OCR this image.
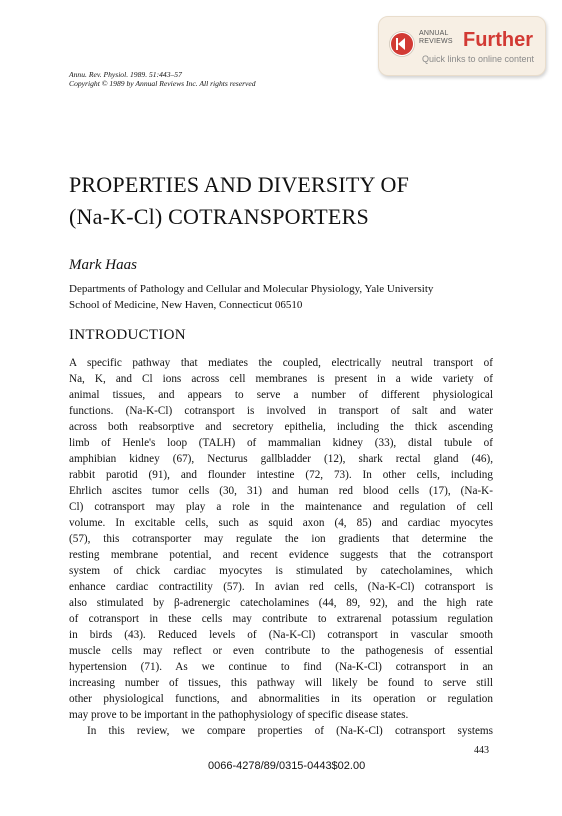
ANNUAL
REVIEWS Further
Quick links to online content
Annu. Rev. Physiol. 1989. 51:443–57
Copyright © 1989 by Annual Reviews Inc. All rights reserved
PROPERTIES AND DIVERSITY OF
(Na-K-Cl) COTRANSPORTERS
Mark Haas
Departments of Pathology and Cellular and Molecular Physiology, Yale University
School of Medicine, New Haven, Connecticut 06510
INTRODUCTION
A specific pathway that mediates the coupled, electrically neutral transport of
Na, K, and Cl ions across cell membranes is present in a wide variety of
animal tissues, and appears to serve a number of different physiological
functions. (Na-K-Cl) cotransport is involved in transport of salt and water
across both reabsorptive and secretory epithelia, including the thick ascending
limb of Henle's loop (TALH) of mammalian kidney (33), distal tubule of
amphibian kidney (67), Necturus gallbladder (12), shark rectal gland (46),
rabbit parotid (91), and flounder intestine (72, 73). In other cells, including
Ehrlich ascites tumor cells (30, 31) and human red blood cells (17), (Na-K-
Cl) cotransport may play a role in the maintenance and regulation of cell
volume. In excitable cells, such as squid axon (4, 85) and cardiac myocytes
(57), this cotransporter may regulate the ion gradients that determine the
resting membrane potential, and recent evidence suggests that the cotransport
system of chick cardiac myocytes is stimulated by catecholamines, which
enhance cardiac contractility (57). In avian red cells, (Na-K-Cl) cotransport is
also stimulated by β-adrenergic catecholamines (44, 89, 92), and the high rate
of cotransport in these cells may contribute to extrarenal potassium regulation
in birds (43). Reduced levels of (Na-K-Cl) cotransport in vascular smooth
muscle cells may reflect or even contribute to the pathogenesis of essential
hypertension (71). As we continue to find (Na-K-Cl) cotransport in an
increasing number of tissues, this pathway will likely be found to serve still
other physiological functions, and abnormalities in its operation or regulation
may prove to be important in the pathophysiology of specific disease states.
In this review, we compare properties of (Na-K-Cl) cotransport systems
443
0066-4278/89/0315-0443$02.00
